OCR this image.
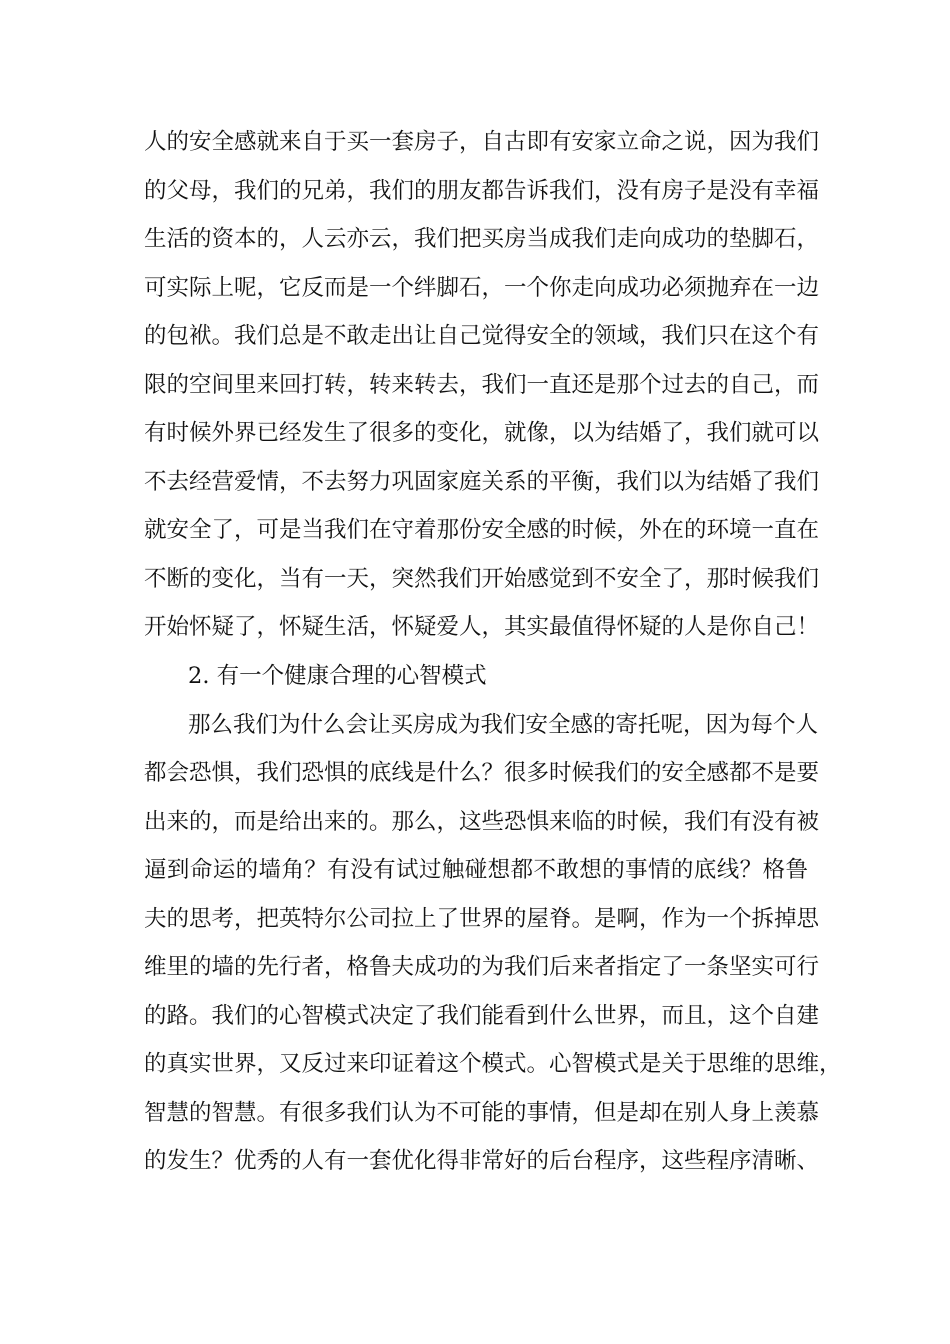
人的安全感就来自于买一套房子，自古即有安家立命之说，因为我们
的父母，我们的兄弟，我们的朋友都告诉我们，没有房子是没有幸福
生活的资本的，人云亦云，我们把买房当成我们走向成功的垫脚石，
可实际上呢，它反而是一个绊脚石，一个你走向成功必须抛弃在一边
的包袱。我们总是不敢走出让自己觉得安全的领域，我们只在这个有
限的空间里来回打转，转来转去，我们一直还是那个过去的自己，而
有时候外界已经发生了很多的变化，就像，以为结婚了，我们就可以
不去经营爱情，不去努力巩固家庭关系的平衡，我们以为结婚了我们
就安全了，可是当我们在守着那份安全感的时候，外在的环境一直在
不断的变化，当有一天，突然我们开始感觉到不安全了，那时候我们
开始怀疑了，怀疑生活，怀疑爱人，其实最值得怀疑的人是你自己！
2. 有一个健康合理的心智模式
那么我们为什么会让买房成为我们安全感的寄托呢，因为每个人
都会恐惧，我们恐惧的底线是什么？很多时候我们的安全感都不是要
出来的，而是给出来的。那么，这些恐惧来临的时候，我们有没有被
逼到命运的墙角？有没有试过触碰想都不敢想的事情的底线？格鲁
夫的思考，把英特尔公司拉上了世界的屋脊。是啊，作为一个拆掉思
维里的墙的先行者，格鲁夫成功的为我们后来者指定了一条坚实可行
的路。我们的心智模式决定了我们能看到什么世界，而且，这个自建
的真实世界，又反过来印证着这个模式。心智模式是关于思维的思维，
智慧的智慧。有很多我们认为不可能的事情，但是却在别人身上羡慕
的发生？优秀的人有一套优化得非常好的后台程序，这些程序清晰、
